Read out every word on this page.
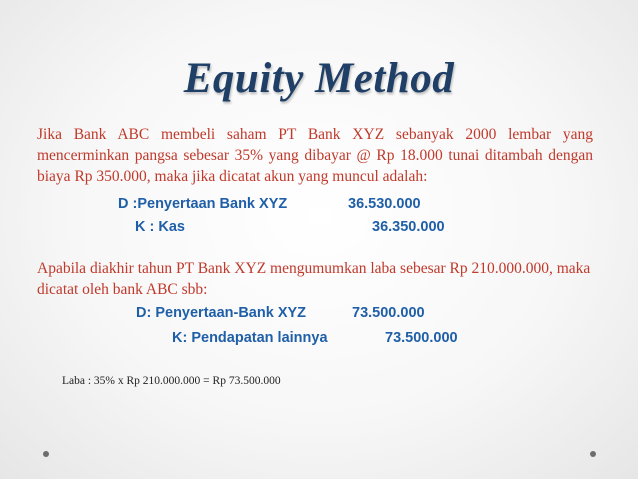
Equity Method
Jika Bank ABC membeli saham PT Bank XYZ sebanyak 2000 lembar yang mencerminkan pangsa sebesar 35% yang dibayar @ Rp 18.000 tunai ditambah dengan biaya Rp 350.000, maka jika dicatat akun yang muncul adalah:
D :Penyertaan Bank XYZ	36.530.000
K : Kas	36.350.000
Apabila diakhir tahun PT Bank XYZ mengumumkan laba sebesar Rp 210.000.000, maka dicatat oleh bank ABC sbb:
D: Penyertaan-Bank XYZ	73.500.000
K: Pendapatan lainnya	73.500.000
Laba : 35% x Rp 210.000.000 = Rp 73.500.000
